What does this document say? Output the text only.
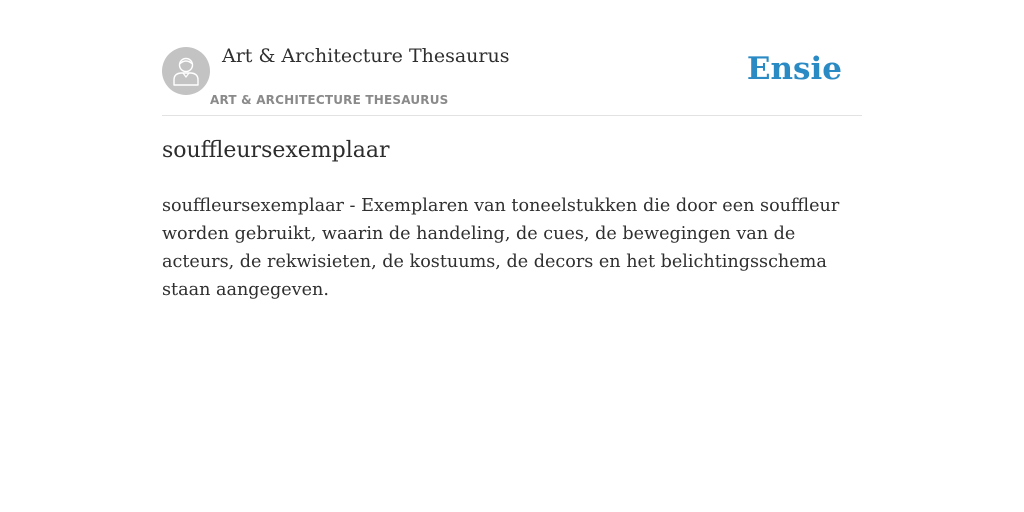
Art & Architecture Thesaurus
ART & ARCHITECTURE THESAURUS
Ensie
souffleursexemplaar

souffleursexemplaar - Exemplaren van toneelstukken die door een souffleur worden gebruikt, waarin de handeling, de cues, de bewegingen van de acteurs, de rekwisieten, de kostuums, de decors en het belichtingsschema staan aangegeven.
